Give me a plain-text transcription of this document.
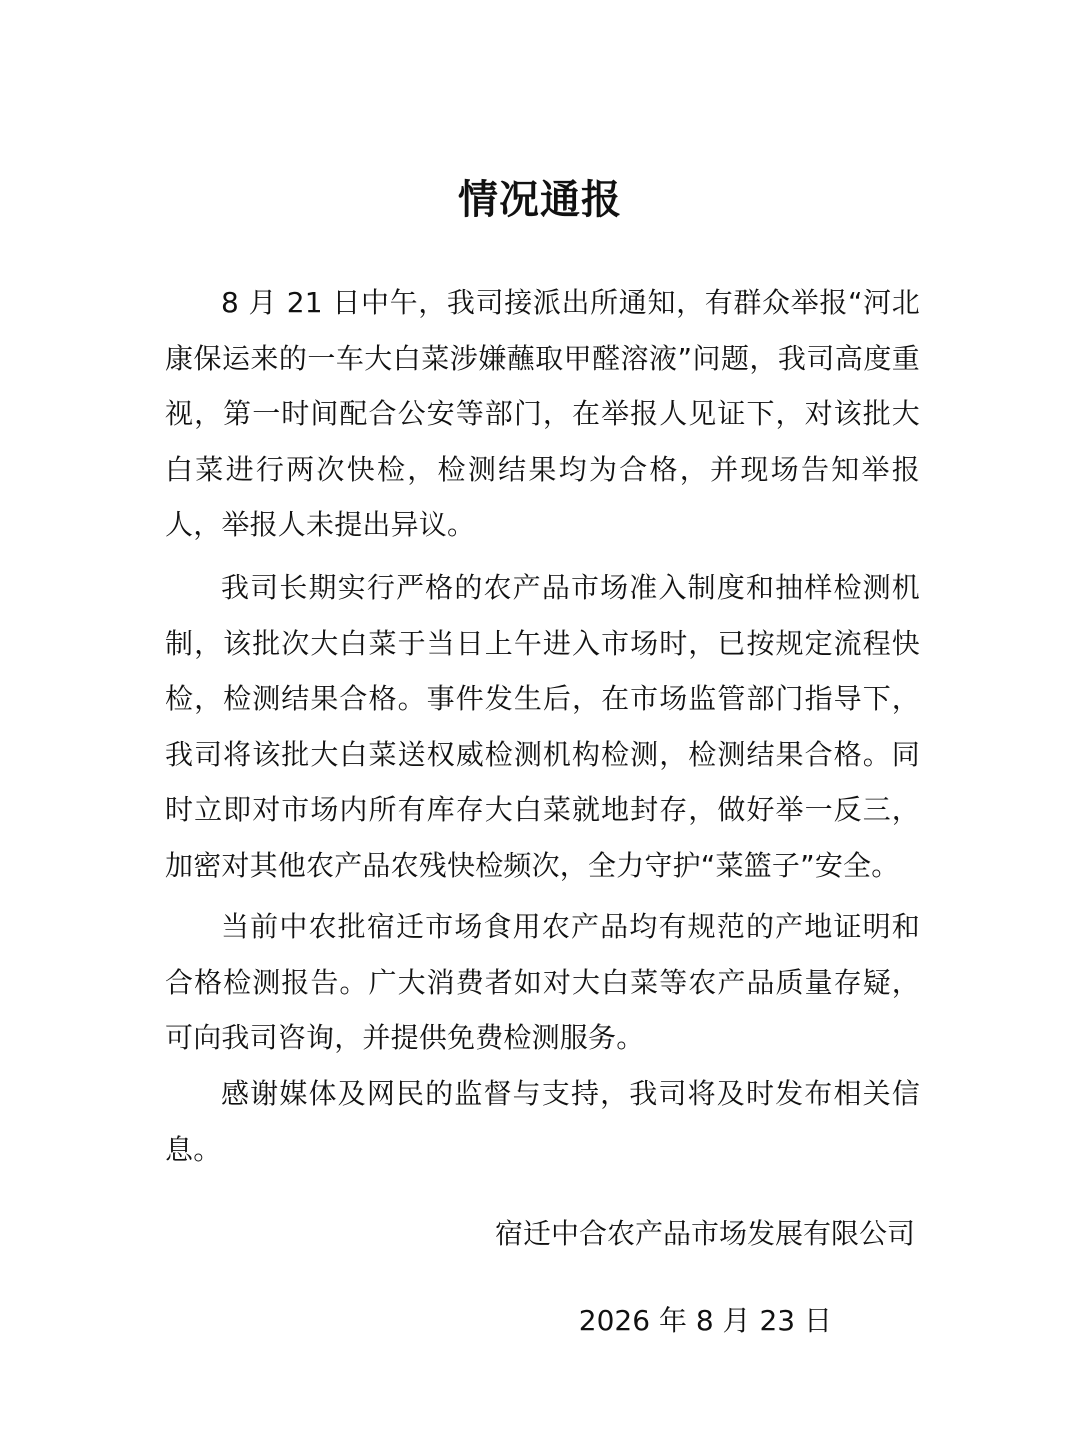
情况通报

8 月 21 日中午，我司接派出所通知，有群众举报“河北康保运来的一车大白菜涉嫌蘸取甲醛溶液”问题，我司高度重视，第一时间配合公安等部门，在举报人见证下，对该批大白菜进行两次快检，检测结果均为合格，并现场告知举报人，举报人未提出异议。

我司长期实行严格的农产品市场准入制度和抽样检测机制，该批次大白菜于当日上午进入市场时，已按规定流程快检，检测结果合格。事件发生后，在市场监管部门指导下，我司将该批大白菜送权威检测机构检测，检测结果合格。同时立即对市场内所有库存大白菜就地封存，做好举一反三，加密对其他农产品农残快检频次，全力守护“菜篮子”安全。

当前中农批宿迁市场食用农产品均有规范的产地证明和合格检测报告。广大消费者如对大白菜等农产品质量存疑，可向我司咨询，并提供免费检测服务。

感谢媒体及网民的监督与支持，我司将及时发布相关信息。

宿迁中合农产品市场发展有限公司
2026 年 8 月 23 日
